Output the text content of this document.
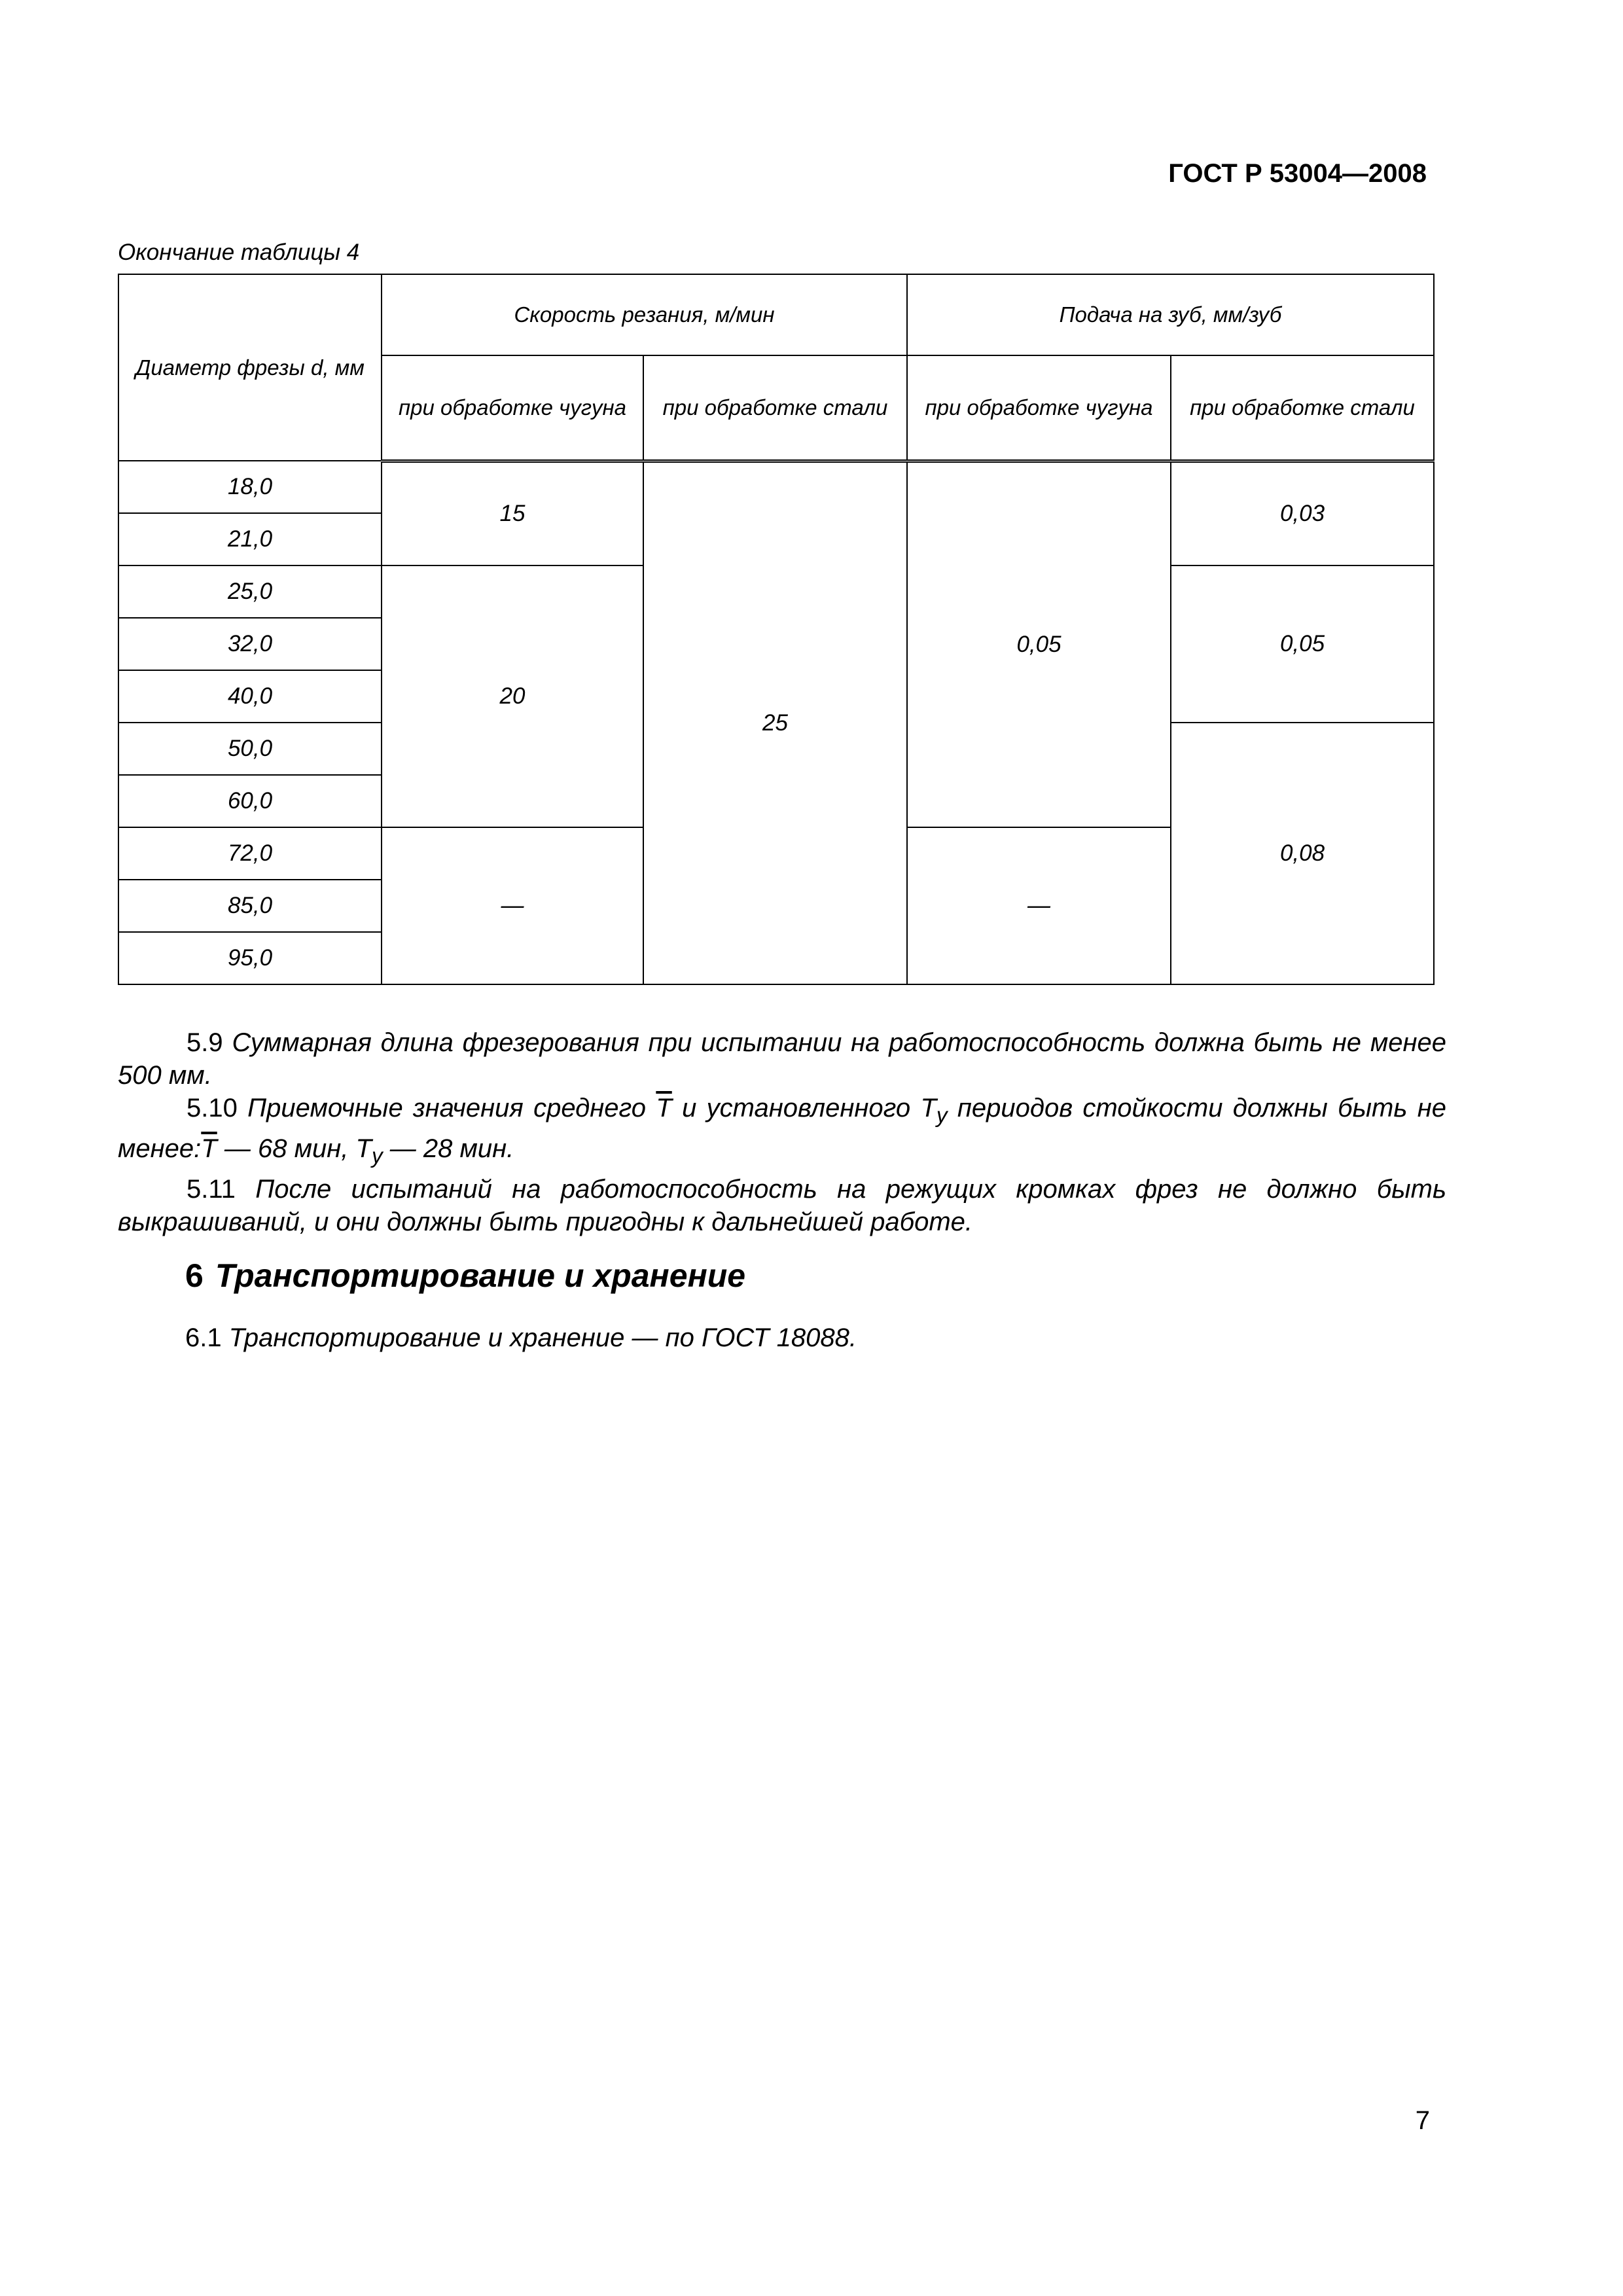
ГОСТ Р 53004—2008
Окончание таблицы 4
Диаметр фрезы d, мм	Скорость резания, м/мин		Подача на зуб, мм/зуб	
	при обработке чугуна	при обработке стали	при обработке чугуна	при обработке стали
18,0	15	25	0,05	0,03
21,0				
25,0	20			0,05
32,0				
40,0				
50,0				0,08
60,0				
72,0	—		—	
85,0				
95,0				

5.9 Суммарная длина фрезерования при испытании на работоспособность должна быть не менее 500 мм.

5.10 Приемочные значения среднего $\overline{T}$ и установленного $T_у$ периодов стойкости должны быть не $менее:\overline{T}$ — 68 мин, $T_у$ — 28 мин.

5.11 После испытаний на работоспособность на режущих кромках фрез не должно быть выкрашиваний, и они должны быть пригодны к дальнейшей работе.

6 Транспортирование и хранение
6.1 Транспортирование и хранение — по ГОСТ 18088.
7
